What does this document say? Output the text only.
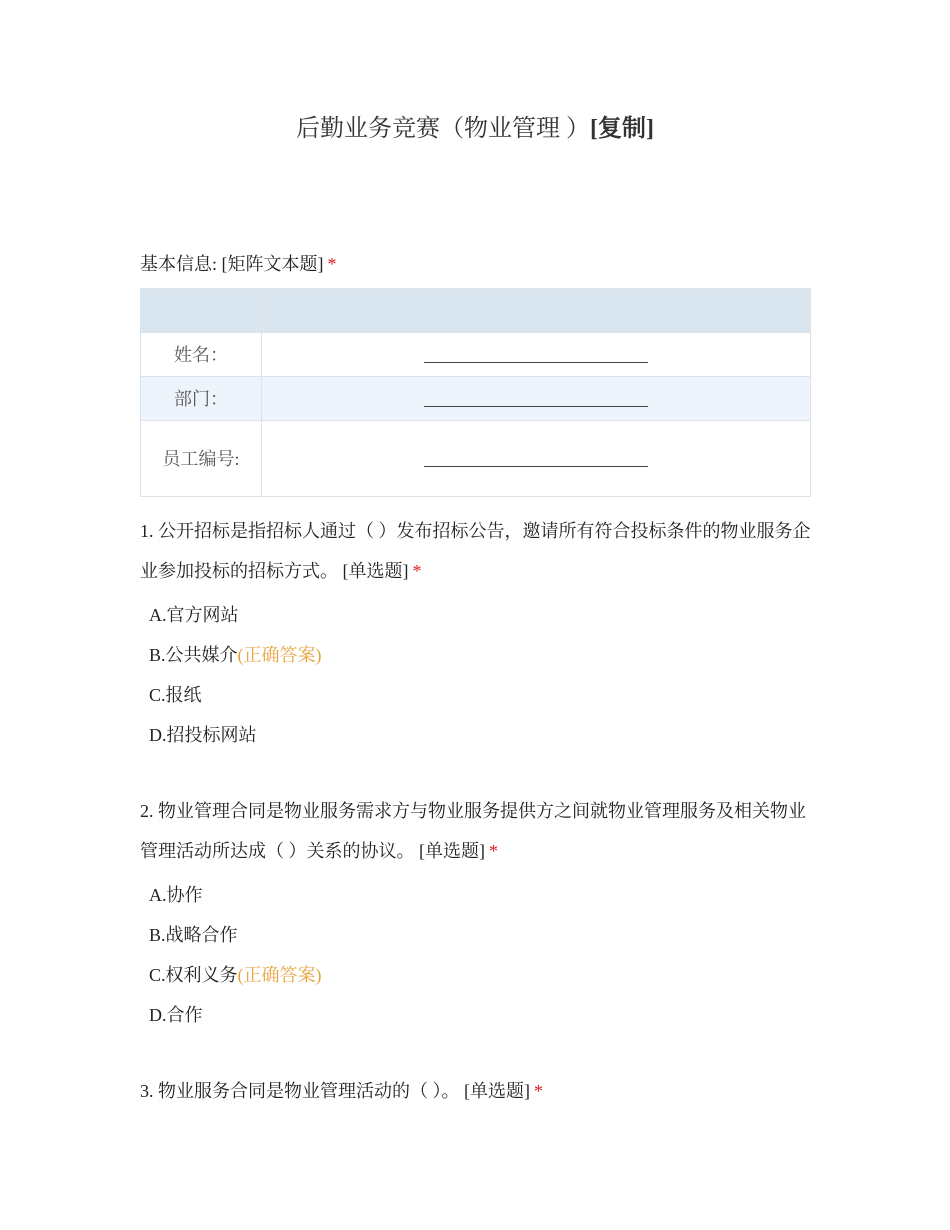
后勤业务竞赛（物业管理 ）[复制]
基本信息: [矩阵文本题] *

姓名：	
部门：	
员工编号:	
1. 公开招标是指招标人通过（ ）发布招标公告，邀请所有符合投标条件的物业服务企业参加投标的招标方式。 [单选题] *
A.官方网站
B.公共媒介(正确答案)
C.报纸
D.招投标网站
2. 物业管理合同是物业服务需求方与物业服务提供方之间就物业管理服务及相关物业管理活动所达成（ ）关系的协议。 [单选题] *
A.协作
B.战略合作
C.权利义务(正确答案)
D.合作
3. 物业服务合同是物业管理活动的（ ）。 [单选题] *
